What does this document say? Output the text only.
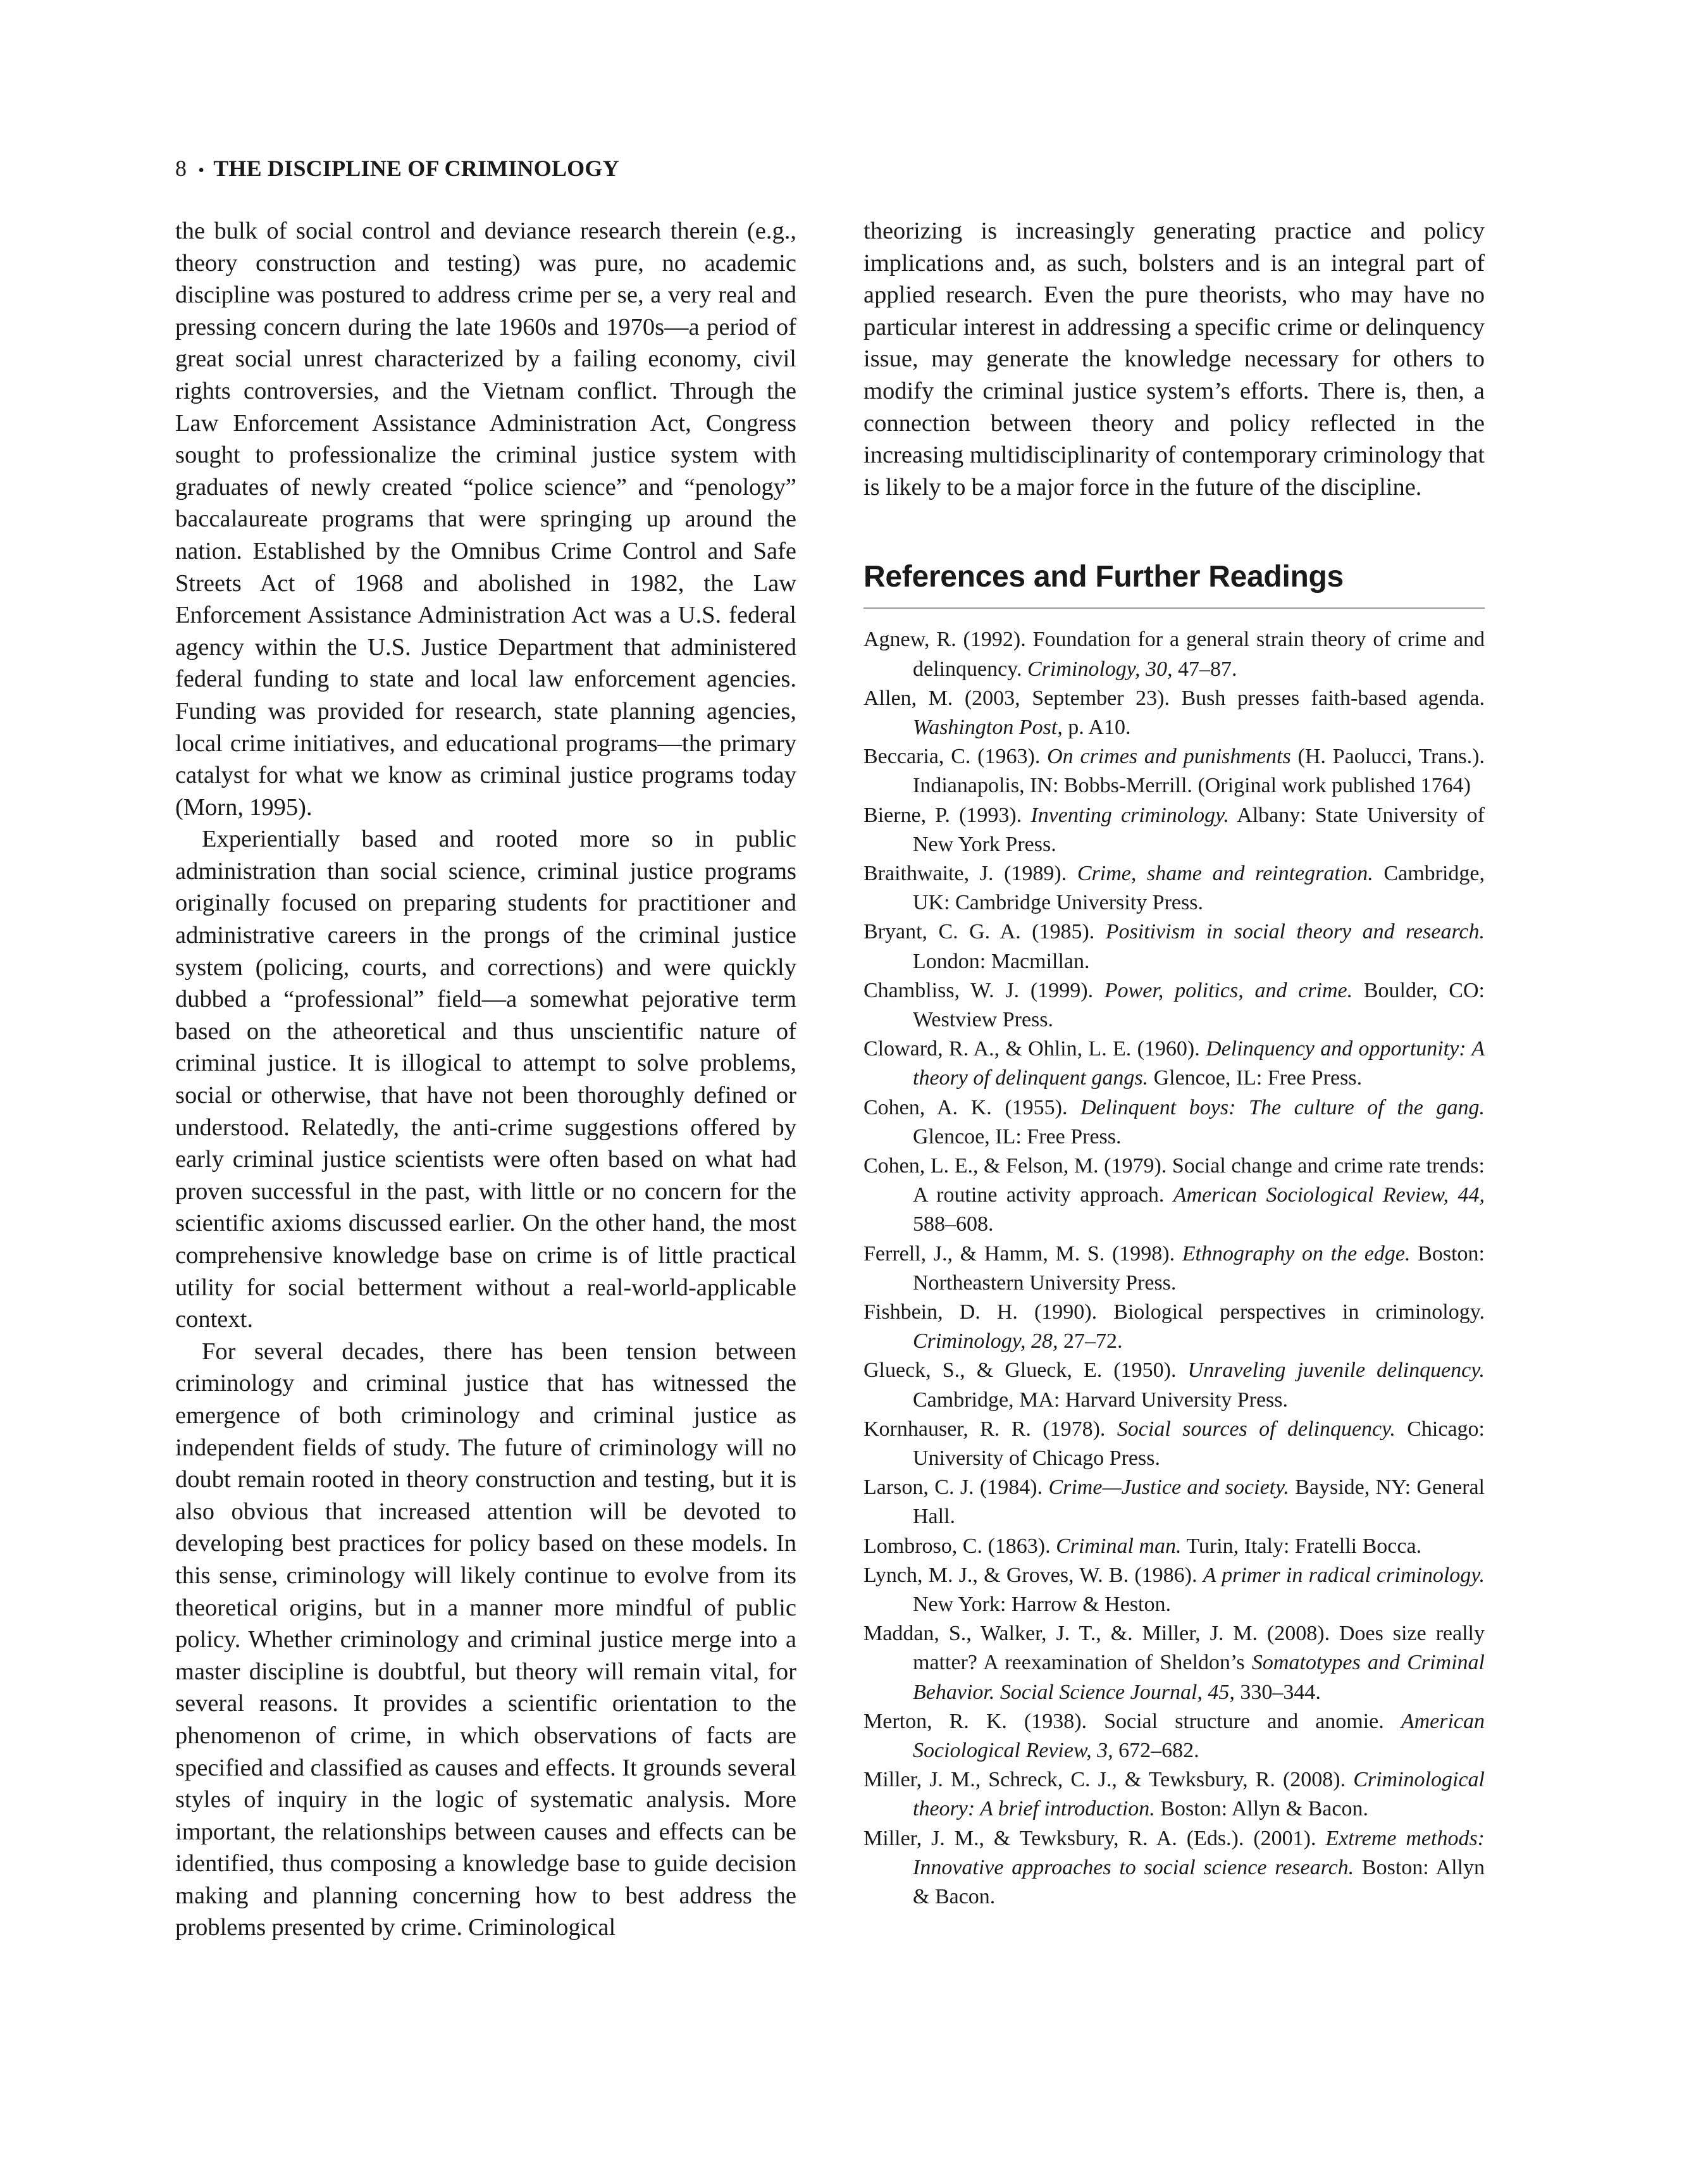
8 • THE DISCIPLINE OF CRIMINOLOGY

the bulk of social control and deviance research therein (e.g., theory construction and testing) was pure, no academic discipline was postured to address crime per se, a very real and pressing concern during the late 1960s and 1970s—a period of great social unrest characterized by a failing economy, civil rights controversies, and the Vietnam conflict. Through the Law Enforcement Assistance Administration Act, Congress sought to professionalize the criminal justice system with graduates of newly created “police science” and “penology” baccalaureate programs that were springing up around the nation. Established by the Omnibus Crime Control and Safe Streets Act of 1968 and abolished in 1982, the Law Enforcement Assistance Administration Act was a U.S. federal agency within the U.S. Justice Department that administered federal funding to state and local law enforcement agencies. Funding was provided for research, state planning agencies, local crime initiatives, and educational programs—the primary catalyst for what we know as criminal justice programs today (Morn, 1995).

Experientially based and rooted more so in public administration than social science, criminal justice programs originally focused on preparing students for practitioner and administrative careers in the prongs of the criminal justice system (policing, courts, and corrections) and were quickly dubbed a “professional” field—a somewhat pejorative term based on the atheoretical and thus unscientific nature of criminal justice. It is illogical to attempt to solve problems, social or otherwise, that have not been thoroughly defined or understood. Relatedly, the anti-crime suggestions offered by early criminal justice scientists were often based on what had proven successful in the past, with little or no concern for the scientific axioms discussed earlier. On the other hand, the most comprehensive knowledge base on crime is of little practical utility for social betterment without a real-world-applicable context.

For several decades, there has been tension between criminology and criminal justice that has witnessed the emergence of both criminology and criminal justice as independent fields of study. The future of criminology will no doubt remain rooted in theory construction and testing, but it is also obvious that increased attention will be devoted to developing best practices for policy based on these models. In this sense, criminology will likely continue to evolve from its theoretical origins, but in a manner more mindful of public policy. Whether criminology and criminal justice merge into a master discipline is doubtful, but theory will remain vital, for several reasons. It provides a scientific orientation to the phenomenon of crime, in which observations of facts are specified and classified as causes and effects. It grounds several styles of inquiry in the logic of systematic analysis. More important, the relationships between causes and effects can be identified, thus composing a knowledge base to guide decision making and planning concerning how to best address the problems presented by crime. Criminological

theorizing is increasingly generating practice and policy implications and, as such, bolsters and is an integral part of applied research. Even the pure theorists, who may have no particular interest in addressing a specific crime or delinquency issue, may generate the knowledge necessary for others to modify the criminal justice system’s efforts. There is, then, a connection between theory and policy reflected in the increasing multidisciplinarity of contemporary criminology that is likely to be a major force in the future of the discipline.

References and Further Readings

Agnew, R. (1992). Foundation for a general strain theory of crime and delinquency. Criminology, 30, 47–87.

Allen, M. (2003, September 23). Bush presses faith-based agenda. Washington Post, p. A10.

Beccaria, C. (1963). On crimes and punishments (H. Paolucci, Trans.). Indianapolis, IN: Bobbs-Merrill. (Original work published 1764)

Bierne, P. (1993). Inventing criminology. Albany: State University of New York Press.

Braithwaite, J. (1989). Crime, shame and reintegration. Cambridge, UK: Cambridge University Press.

Bryant, C. G. A. (1985). Positivism in social theory and research. London: Macmillan.

Chambliss, W. J. (1999). Power, politics, and crime. Boulder, CO: Westview Press.

Cloward, R. A., & Ohlin, L. E. (1960). Delinquency and opportunity: A theory of delinquent gangs. Glencoe, IL: Free Press.

Cohen, A. K. (1955). Delinquent boys: The culture of the gang. Glencoe, IL: Free Press.

Cohen, L. E., & Felson, M. (1979). Social change and crime rate trends: A routine activity approach. American Sociological Review, 44, 588–608.

Ferrell, J., & Hamm, M. S. (1998). Ethnography on the edge. Boston: Northeastern University Press.

Fishbein, D. H. (1990). Biological perspectives in criminology. Criminology, 28, 27–72.

Glueck, S., & Glueck, E. (1950). Unraveling juvenile delinquency. Cambridge, MA: Harvard University Press.

Kornhauser, R. R. (1978). Social sources of delinquency. Chicago: University of Chicago Press.

Larson, C. J. (1984). Crime—Justice and society. Bayside, NY: General Hall.

Lombroso, C. (1863). Criminal man. Turin, Italy: Fratelli Bocca.

Lynch, M. J., & Groves, W. B. (1986). A primer in radical criminology. New York: Harrow & Heston.

Maddan, S., Walker, J. T., &. Miller, J. M. (2008). Does size really matter? A reexamination of Sheldon’s Somatotypes and Criminal Behavior. Social Science Journal, 45, 330–344.

Merton, R. K. (1938). Social structure and anomie. American Sociological Review, 3, 672–682.

Miller, J. M., Schreck, C. J., & Tewksbury, R. (2008). Criminological theory: A brief introduction. Boston: Allyn & Bacon.

Miller, J. M., & Tewksbury, R. A. (Eds.). (2001). Extreme methods: Innovative approaches to social science research. Boston: Allyn & Bacon.
